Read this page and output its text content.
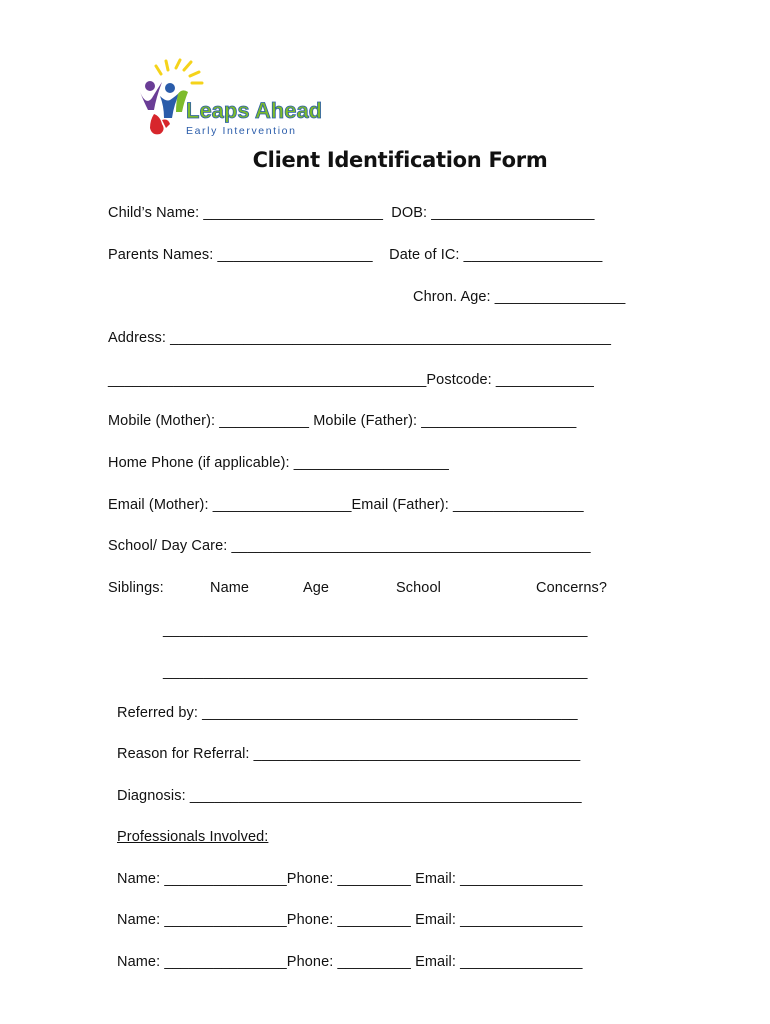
Leaps Ahead
Early Intervention
Client Identification Form
Child’s Name: ______________________  DOB: ____________________
Parents Names: ___________________    Date of IC: _________________
Chron. Age: ________________
Address: ______________________________________________________
_______________________________________Postcode: ____________
Mobile (Mother): ___________ Mobile (Father): ___________________
Home Phone (if applicable): ___________________
Email (Mother): _________________Email (Father): ________________
School/ Day Care: ____________________________________________
Siblings:	Name	Age	School	Concerns?
____________________________________________________
____________________________________________________
Referred by: ______________________________________________
Reason for Referral: ________________________________________
Diagnosis: ________________________________________________
Professionals Involved:
Name: _______________Phone: _________ Email: _______________
Name: _______________Phone: _________ Email: _______________
Name: _______________Phone: _________ Email: _______________
